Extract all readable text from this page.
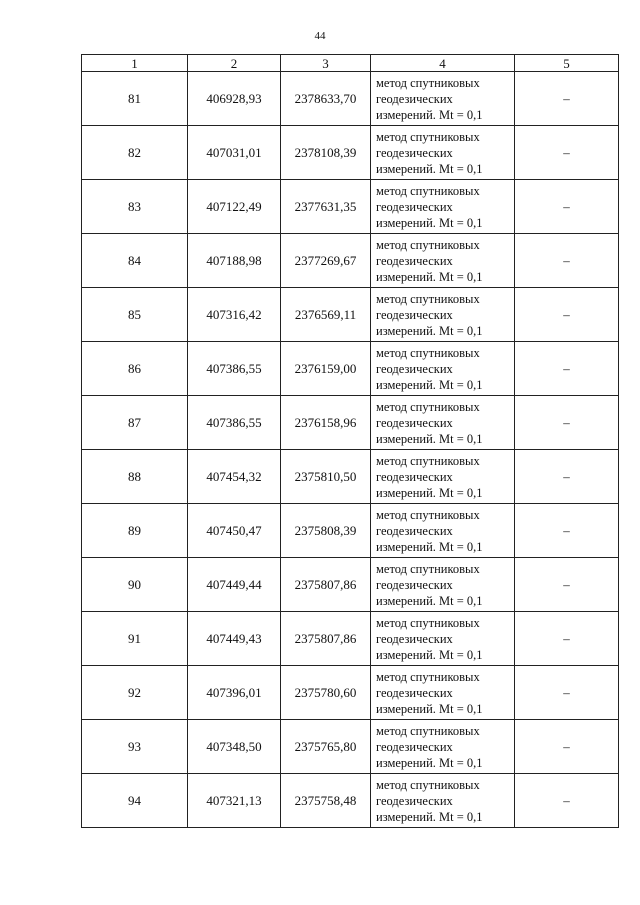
44
1	2	3	4	5
81	406928,93	2378633,70	метод спутниковых
геодезических
измерений. Mt = 0,1	–
82	407031,01	2378108,39	метод спутниковых
геодезических
измерений. Mt = 0,1	–
83	407122,49	2377631,35	метод спутниковых
геодезических
измерений. Mt = 0,1	–
84	407188,98	2377269,67	метод спутниковых
геодезических
измерений. Mt = 0,1	–
85	407316,42	2376569,11	метод спутниковых
геодезических
измерений. Mt = 0,1	–
86	407386,55	2376159,00	метод спутниковых
геодезических
измерений. Mt = 0,1	–
87	407386,55	2376158,96	метод спутниковых
геодезических
измерений. Mt = 0,1	–
88	407454,32	2375810,50	метод спутниковых
геодезических
измерений. Mt = 0,1	–
89	407450,47	2375808,39	метод спутниковых
геодезических
измерений. Mt = 0,1	–
90	407449,44	2375807,86	метод спутниковых
геодезических
измерений. Mt = 0,1	–
91	407449,43	2375807,86	метод спутниковых
геодезических
измерений. Mt = 0,1	–
92	407396,01	2375780,60	метод спутниковых
геодезических
измерений. Mt = 0,1	–
93	407348,50	2375765,80	метод спутниковых
геодезических
измерений. Mt = 0,1	–
94	407321,13	2375758,48	метод спутниковых
геодезических
измерений. Mt = 0,1	–
